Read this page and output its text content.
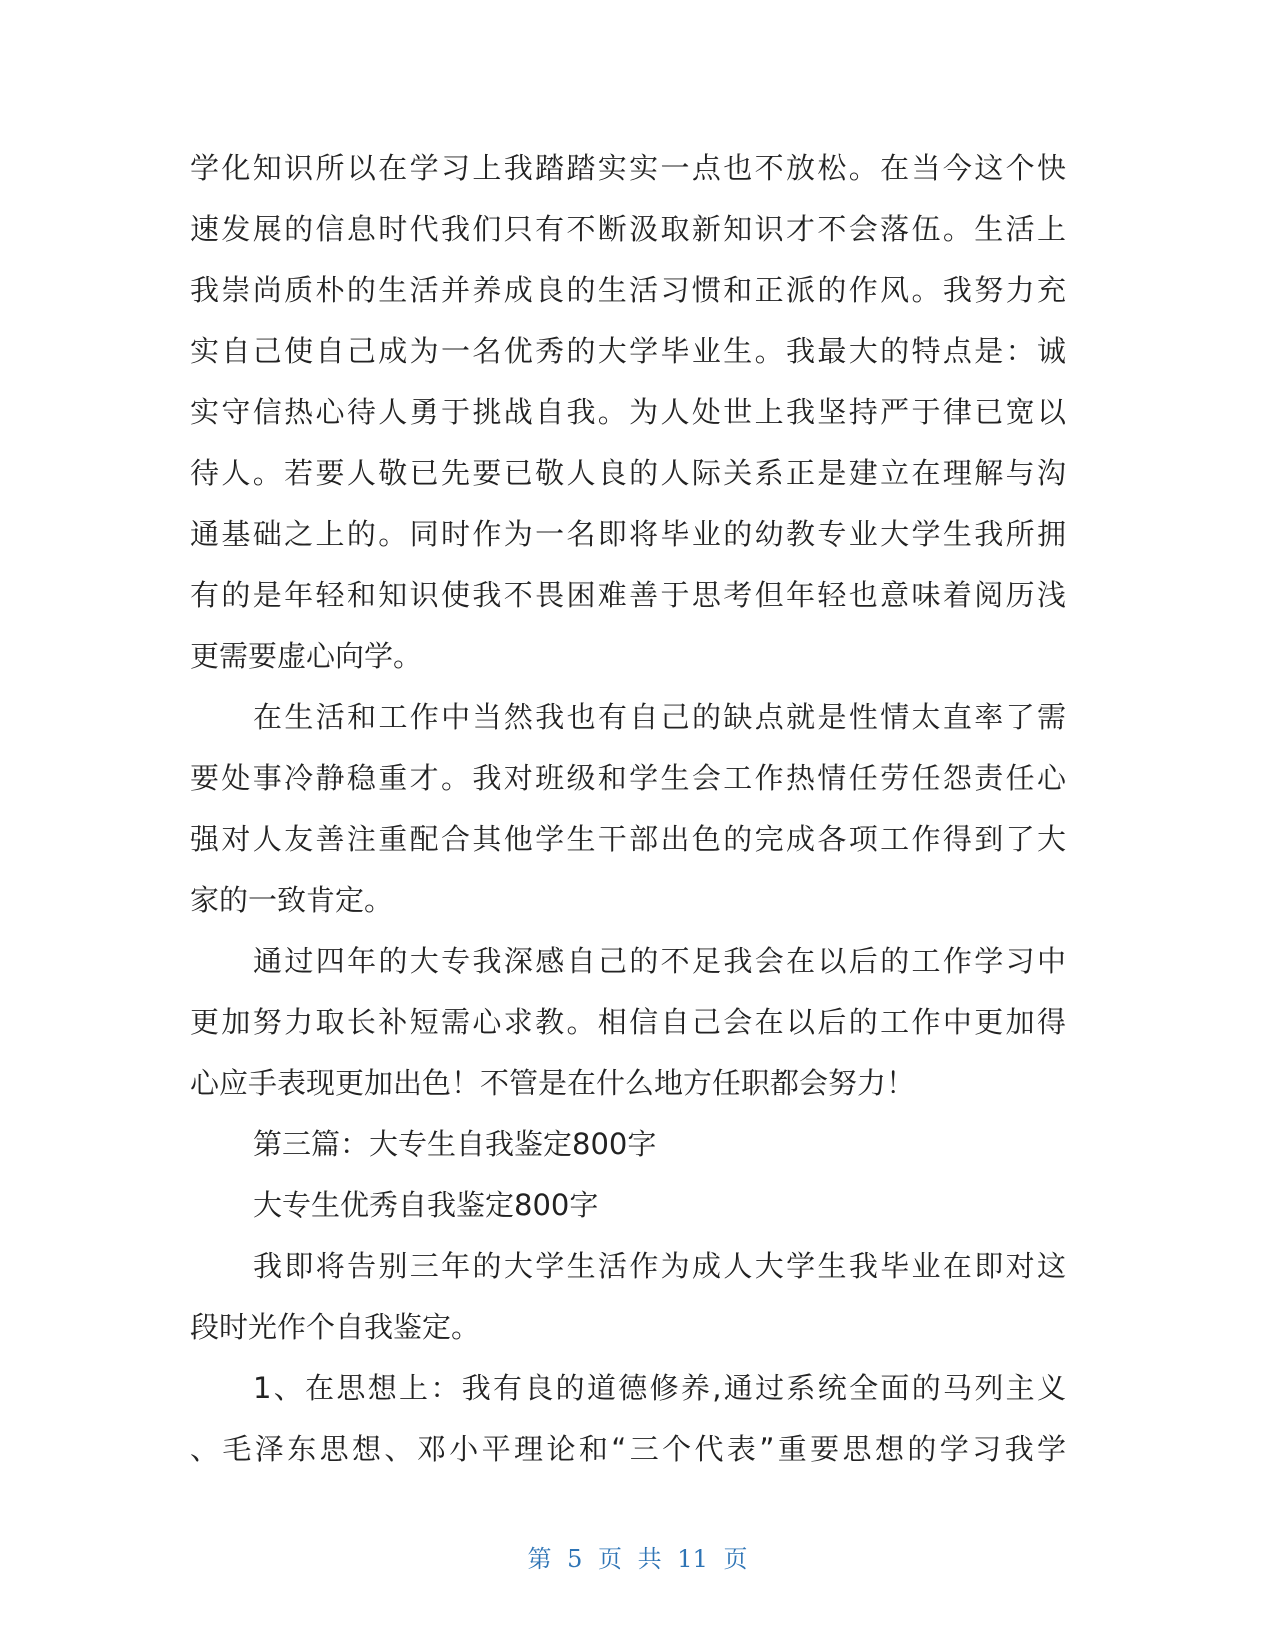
学化知识所以在学习上我踏踏实实一点也不放松。在当今这个快
速发展的信息时代我们只有不断汲取新知识才不会落伍。生活上
我崇尚质朴的生活并养成良的生活习惯和正派的作风。我努力充
实自己使自己成为一名优秀的大学毕业生。我最大的特点是：诚
实守信热心待人勇于挑战自我。为人处世上我坚持严于律已宽以
待人。若要人敬已先要已敬人良的人际关系正是建立在理解与沟
通基础之上的。同时作为一名即将毕业的幼教专业大学生我所拥
有的是年轻和知识使我不畏困难善于思考但年轻也意味着阅历浅
更需要虚心向学。
在生活和工作中当然我也有自己的缺点就是性情太直率了需
要处事冷静稳重才。我对班级和学生会工作热情任劳任怨责任心
强对人友善注重配合其他学生干部出色的完成各项工作得到了大
家的一致肯定。
通过四年的大专我深感自己的不足我会在以后的工作学习中
更加努力取长补短需心求教。相信自己会在以后的工作中更加得
心应手表现更加出色！不管是在什么地方任职都会努力！
第三篇：大专生自我鉴定800字
大专生优秀自我鉴定800字
我即将告别三年的大学生活作为成人大学生我毕业在即对这
段时光作个自我鉴定。
1、在思想上：我有良的道德修养,通过系统全面的马列主义
、毛泽东思想、邓小平理论和“三个代表”重要思想的学习我学
第 5 页 共 11 页
